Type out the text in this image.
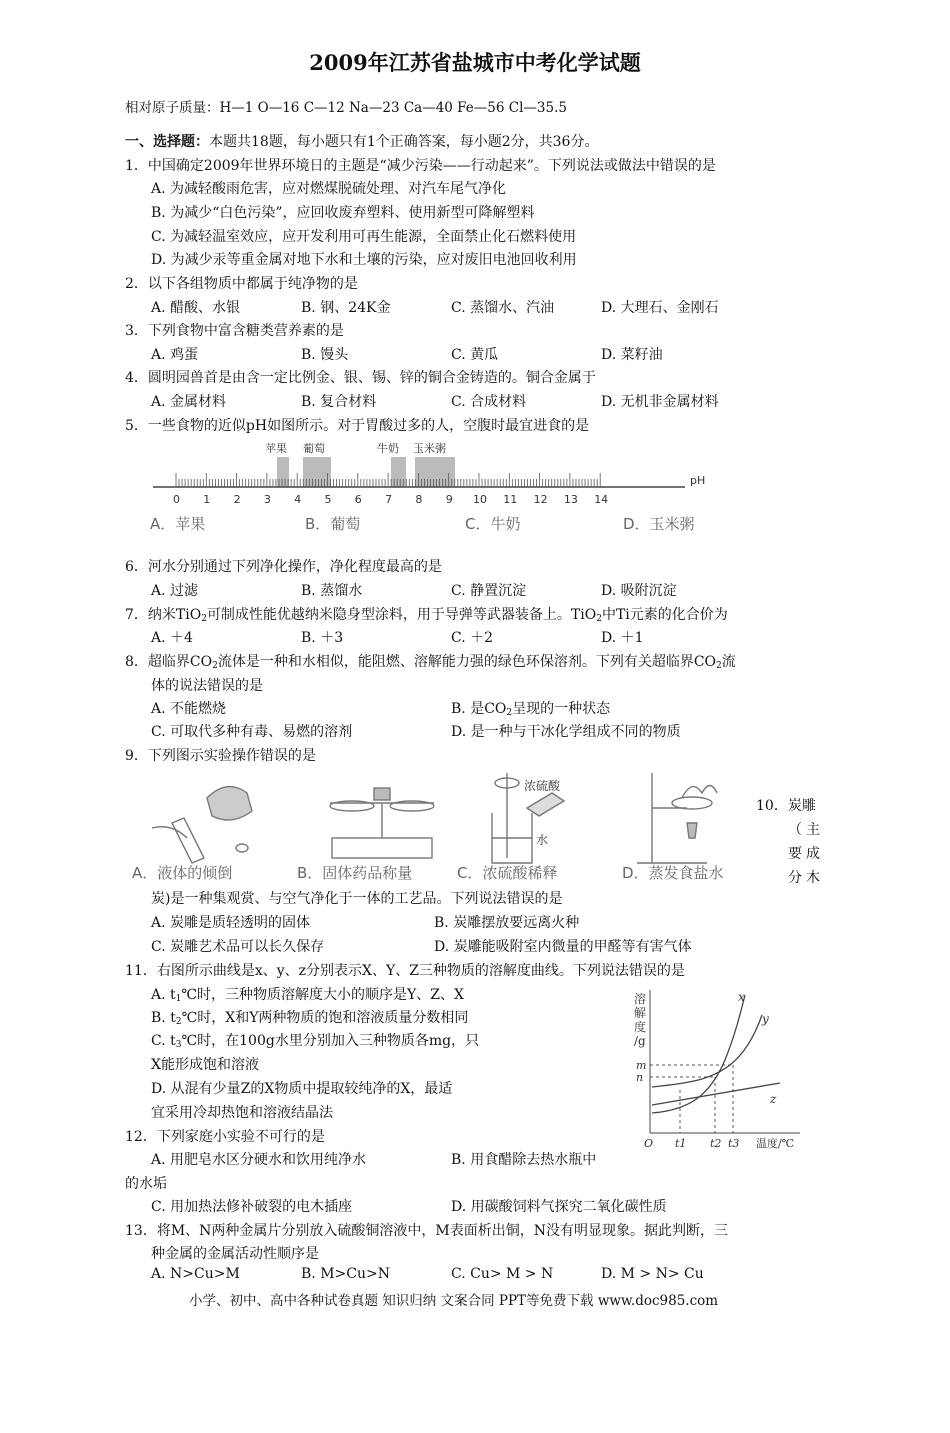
2009年江苏省盐城市中考化学试题
相对原子质量：H—1 O—16 C—12 Na—23 Ca—40 Fe—56 Cl—35.5
一、选择题：本题共18题，每小题只有1个正确答案，每小题2分，共36分。
1．中国确定2009年世界环境日的主题是“减少污染——行动起来”。下列说法或做法中错误的是
A. 为减轻酸雨危害，应对燃煤脱硫处理、对汽车尾气净化
B. 为减少“白色污染”，应回收废弃塑料、使用新型可降解塑料
C. 为减轻温室效应，应开发利用可再生能源，全面禁止化石燃料使用
D. 为减少汞等重金属对地下水和土壤的污染，应对废旧电池回收利用
2．以下各组物质中都属于纯净物的是
A. 醋酸、水银	B. 钢、24K金	C. 蒸馏水、汽油	D. 大理石、金刚石
3．下列食物中富含糖类营养素的是
A. 鸡蛋	B. 馒头	C. 黄瓜	D. 菜籽油
4．圆明园兽首是由含一定比例金、银、锡、锌的铜合金铸造的。铜合金属于
A. 金属材料	B. 复合材料	C. 合成材料	D. 无机非金属材料
5．一些食物的近似pH如图所示。对于胃酸过多的人，空腹时最宜进食的是
苹果 葡萄	牛奶 玉米粥
0 1 2 3 4 5 6 7 8 9 10 11 12 13 14
pH
A．苹果	B．葡萄	C．牛奶	D．玉米粥
6．河水分别通过下列净化操作，净化程度最高的是
A. 过滤	B. 蒸馏水	C. 静置沉淀	D. 吸附沉淀
7．纳米TiO$_2$可制成性能优越纳米隐身型涂料，用于导弹等武器装备上。TiO$_2$中Ti元素的化合价为
A. ＋4	B. ＋3	C. ＋2	D. ＋1
8．超临界$CO_2$流体是一种和水相似，能阻燃、溶解能力强的绿色环保溶剂。下列有关超临界$CO_2$流
体的说法错误的是
A. 不能燃烧	B. 是$CO_2$呈现的一种状态
C. 可取代多种有毒、易燃的溶剂	D. 是一种与干冰化学组成不同的物质
9．下列图示实验操作错误的是
浓硫酸
水
A．液体的倾倒	B．固体药品称量	C．浓硫酸稀释	D．蒸发食盐水
10．炭雕
（主
要成
分木
炭)是一种集观赏、与空气净化于一体的工艺品。下列说法错误的是
A. 炭雕是质轻透明的固体	B. 炭雕摆放要远离火种
C. 炭雕艺术品可以长久保存	D. 炭雕能吸附室内微量的甲醛等有害气体
11．右图所示曲线是x、y、z分别表示X、Y、Z三种物质的溶解度曲线。下列说法错误的是
A. $t_1℃$时，三种物质溶解度大小的顺序是Y、Z、X
B. $t_2℃$时，X和Y两种物质的饱和溶液质量分数相同
C. $t_3℃$时，在100g水里分别加入三种物质各mg，只
X能形成饱和溶液
D. 从混有少量Z的X物质中提取较纯净的X，最适
宜采用冷却热饱和溶液结晶法
溶
解
度
/g
m
n
O t1 t2 t3 温度/℃
x
y
z
12．下列家庭小实验不可行的是
A. 用肥皂水区分硬水和饮用纯净水	B. 用食醋除去热水瓶中
的水垢
C. 用加热法修补破裂的电木插座	D. 用碳酸饲料气探究二氧化碳性质
13．将M、N两种金属片分别放入硫酸铜溶液中，M表面析出铜，N没有明显现象。据此判断，三
种金属的金属活动性顺序是
A. N>Cu>M	B. M>Cu>N	C. Cu> M > N	D. M > N> Cu
小学、初中、高中各种试卷真题 知识归纳 文案合同 PPT等免费下载 www.doc985.com
